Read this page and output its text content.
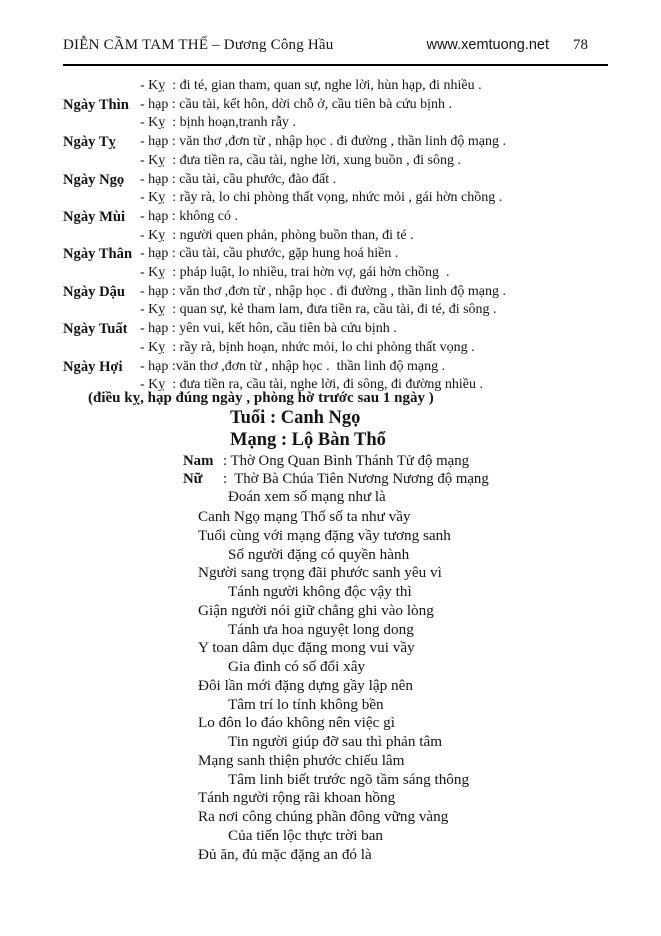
DIỄN CẦM TAM THẾ – Dương Công Hầu	www.xemtuong.net 78
- Kỵ  : đi té, gian tham, quan sự, nghe lời, hùn hạp, đi nhiều .
Ngày Thìn - hạp : cầu tài, kết hôn, dời chỗ ở, cầu tiên bà cứu bịnh .
- Kỵ  : bịnh hoạn,tranh rẫy .
Ngày Tỵ	- hạp : văn thơ ,đơn từ , nhập học . đi đường , thần linh độ mạng .
- Kỵ  : đưa tiền ra, cầu tài, nghe lời, xung buồn , đi sông .
Ngày Ngọ	- hạp : cầu tài, cầu phước, đào đất .
- Kỵ  : rầy rà, lo chi phòng thất vọng, nhức mỏi , gái hờn chồng .
Ngày Mùi	- hạp : không có .
- Kỵ  : người quen phản, phòng buồn than, đi té .
Ngày Thân - hạp : cầu tài, cầu phước, gặp hung hoá hiền .
- Kỵ  : pháp luật, lo nhiều, trai hờn vợ, gái hờn chồng  .
Ngày Dậu	- hạp : văn thơ ,đơn từ , nhập học . đi đường , thần linh độ mạng .
- Kỵ  : quan sự, kẻ tham lam, đưa tiền ra, cầu tài, đi té, đi sông .
Ngày Tuất - hạp : yên vui, kết hôn, cầu tiên bà cứu bịnh .
- Kỵ  : rầy rà, bịnh hoạn, nhức mỏi, lo chi phòng thất vọng .
Ngày Hợi	- hạp :văn thơ ,đơn từ , nhập học .  thần linh độ mạng .
- Kỵ  : đưa tiền ra, cầu tài, nghe lời, đi sông, đi đường nhiều .
(điều kỵ, hạp đúng ngày , phòng hờ trước sau 1 ngày )
Tuổi : Canh Ngọ
Mạng : Lộ Bàn Thổ
Nam : Thờ Ong Quan Bình Thánh Tử độ mạng
Nữ	:  Thờ Bà Chúa Tiên Nương Nương độ mạng
Đoán xem số mạng như là
Canh Ngọ mạng Thổ số ta như vầy
Tuổi cùng với mạng đặng vầy tương sanh
Số người đặng có quyền hành
Người sang trọng đãi phước sanh yêu vì
Tánh người không độc vậy thì
Giận người nói giữ chẳng ghi vào lòng
Tánh ưa hoa nguyệt long dong
Y toan dâm dục đặng mong vui vầy
Gia đình có số đổi xây
Đôi lần mới đặng dựng gầy lập nên
Tâm trí lo tính không bền
Lo đôn lo đáo không nên việc gì
Tin người giúp đỡ sau thì phản tâm
Mạng sanh thiện phước chiếu lâm
Tâm linh biết trước ngõ tầm sáng thông
Tánh người rộng rãi khoan hồng
Ra nơi công chúng phần đông vững vàng
Của tiến lộc thực trời ban
Đủ ăn, đủ mặc đặng an đó là
